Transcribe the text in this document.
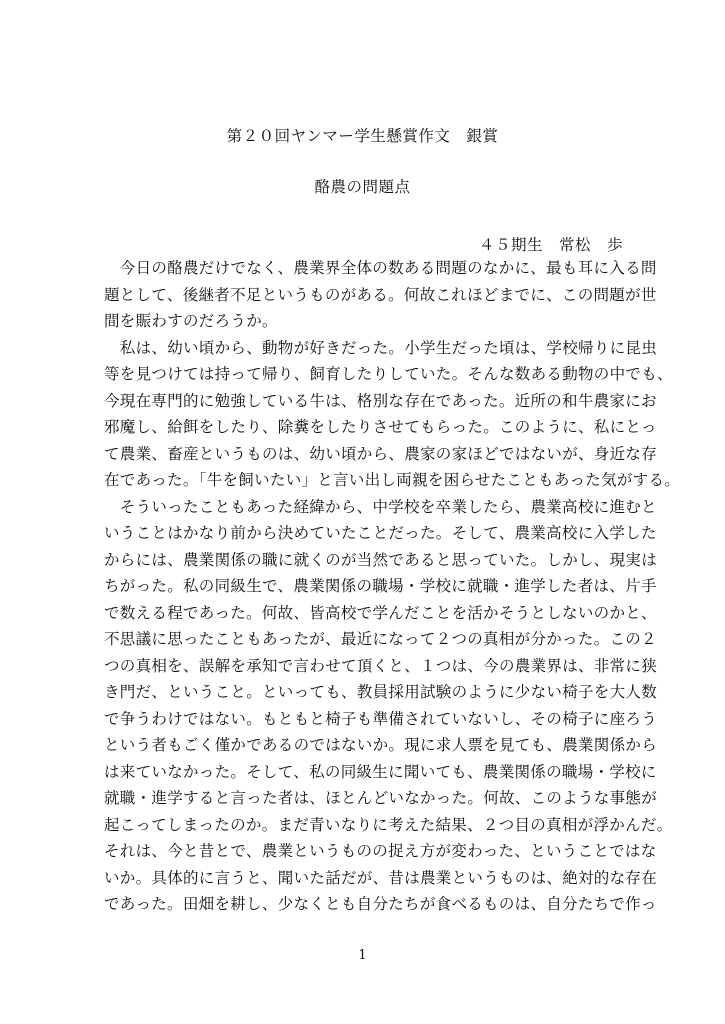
第２０回ヤンマー学生懸賞作文　銀賞
酪農の問題点
４５期生　常松　歩
　今日の酪農だけでなく、農業界全体の数ある問題のなかに、最も耳に入る問
題として、後継者不足というものがある。何故これほどまでに、この問題が世
間を賑わすのだろうか。
　私は、幼い頃から、動物が好きだった。小学生だった頃は、学校帰りに昆虫
等を見つけては持って帰り、飼育したりしていた。そんな数ある動物の中でも、
今現在専門的に勉強している牛は、格別な存在であった。近所の和牛農家にお
邪魔し、給餌をしたり、除糞をしたりさせてもらった。このように、私にとっ
て農業、畜産というものは、幼い頃から、農家の家ほどではないが、身近な存
在であった。「牛を飼いたい」と言い出し両親を困らせたこともあった気がする。
　そういったこともあった経緯から、中学校を卒業したら、農業高校に進むと
いうことはかなり前から決めていたことだった。そして、農業高校に入学した
からには、農業関係の職に就くのが当然であると思っていた。しかし、現実は
ちがった。私の同級生で、農業関係の職場・学校に就職・進学した者は、片手
で数える程であった。何故、皆高校で学んだことを活かそうとしないのかと、
不思議に思ったこともあったが、最近になって２つの真相が分かった。この２
つの真相を、誤解を承知で言わせて頂くと、１つは、今の農業界は、非常に狭
き門だ、ということ。といっても、教員採用試験のように少ない椅子を大人数
で争うわけではない。もともと椅子も準備されていないし、その椅子に座ろう
という者もごく僅かであるのではないか。現に求人票を見ても、農業関係から
は来ていなかった。そして、私の同級生に聞いても、農業関係の職場・学校に
就職・進学すると言った者は、ほとんどいなかった。何故、このような事態が
起こってしまったのか。まだ青いなりに考えた結果、２つ目の真相が浮かんだ。
それは、今と昔とで、農業というものの捉え方が変わった、ということではな
いか。具体的に言うと、聞いた話だが、昔は農業というものは、絶対的な存在
であった。田畑を耕し、少なくとも自分たちが食べるものは、自分たちで作っ
1
